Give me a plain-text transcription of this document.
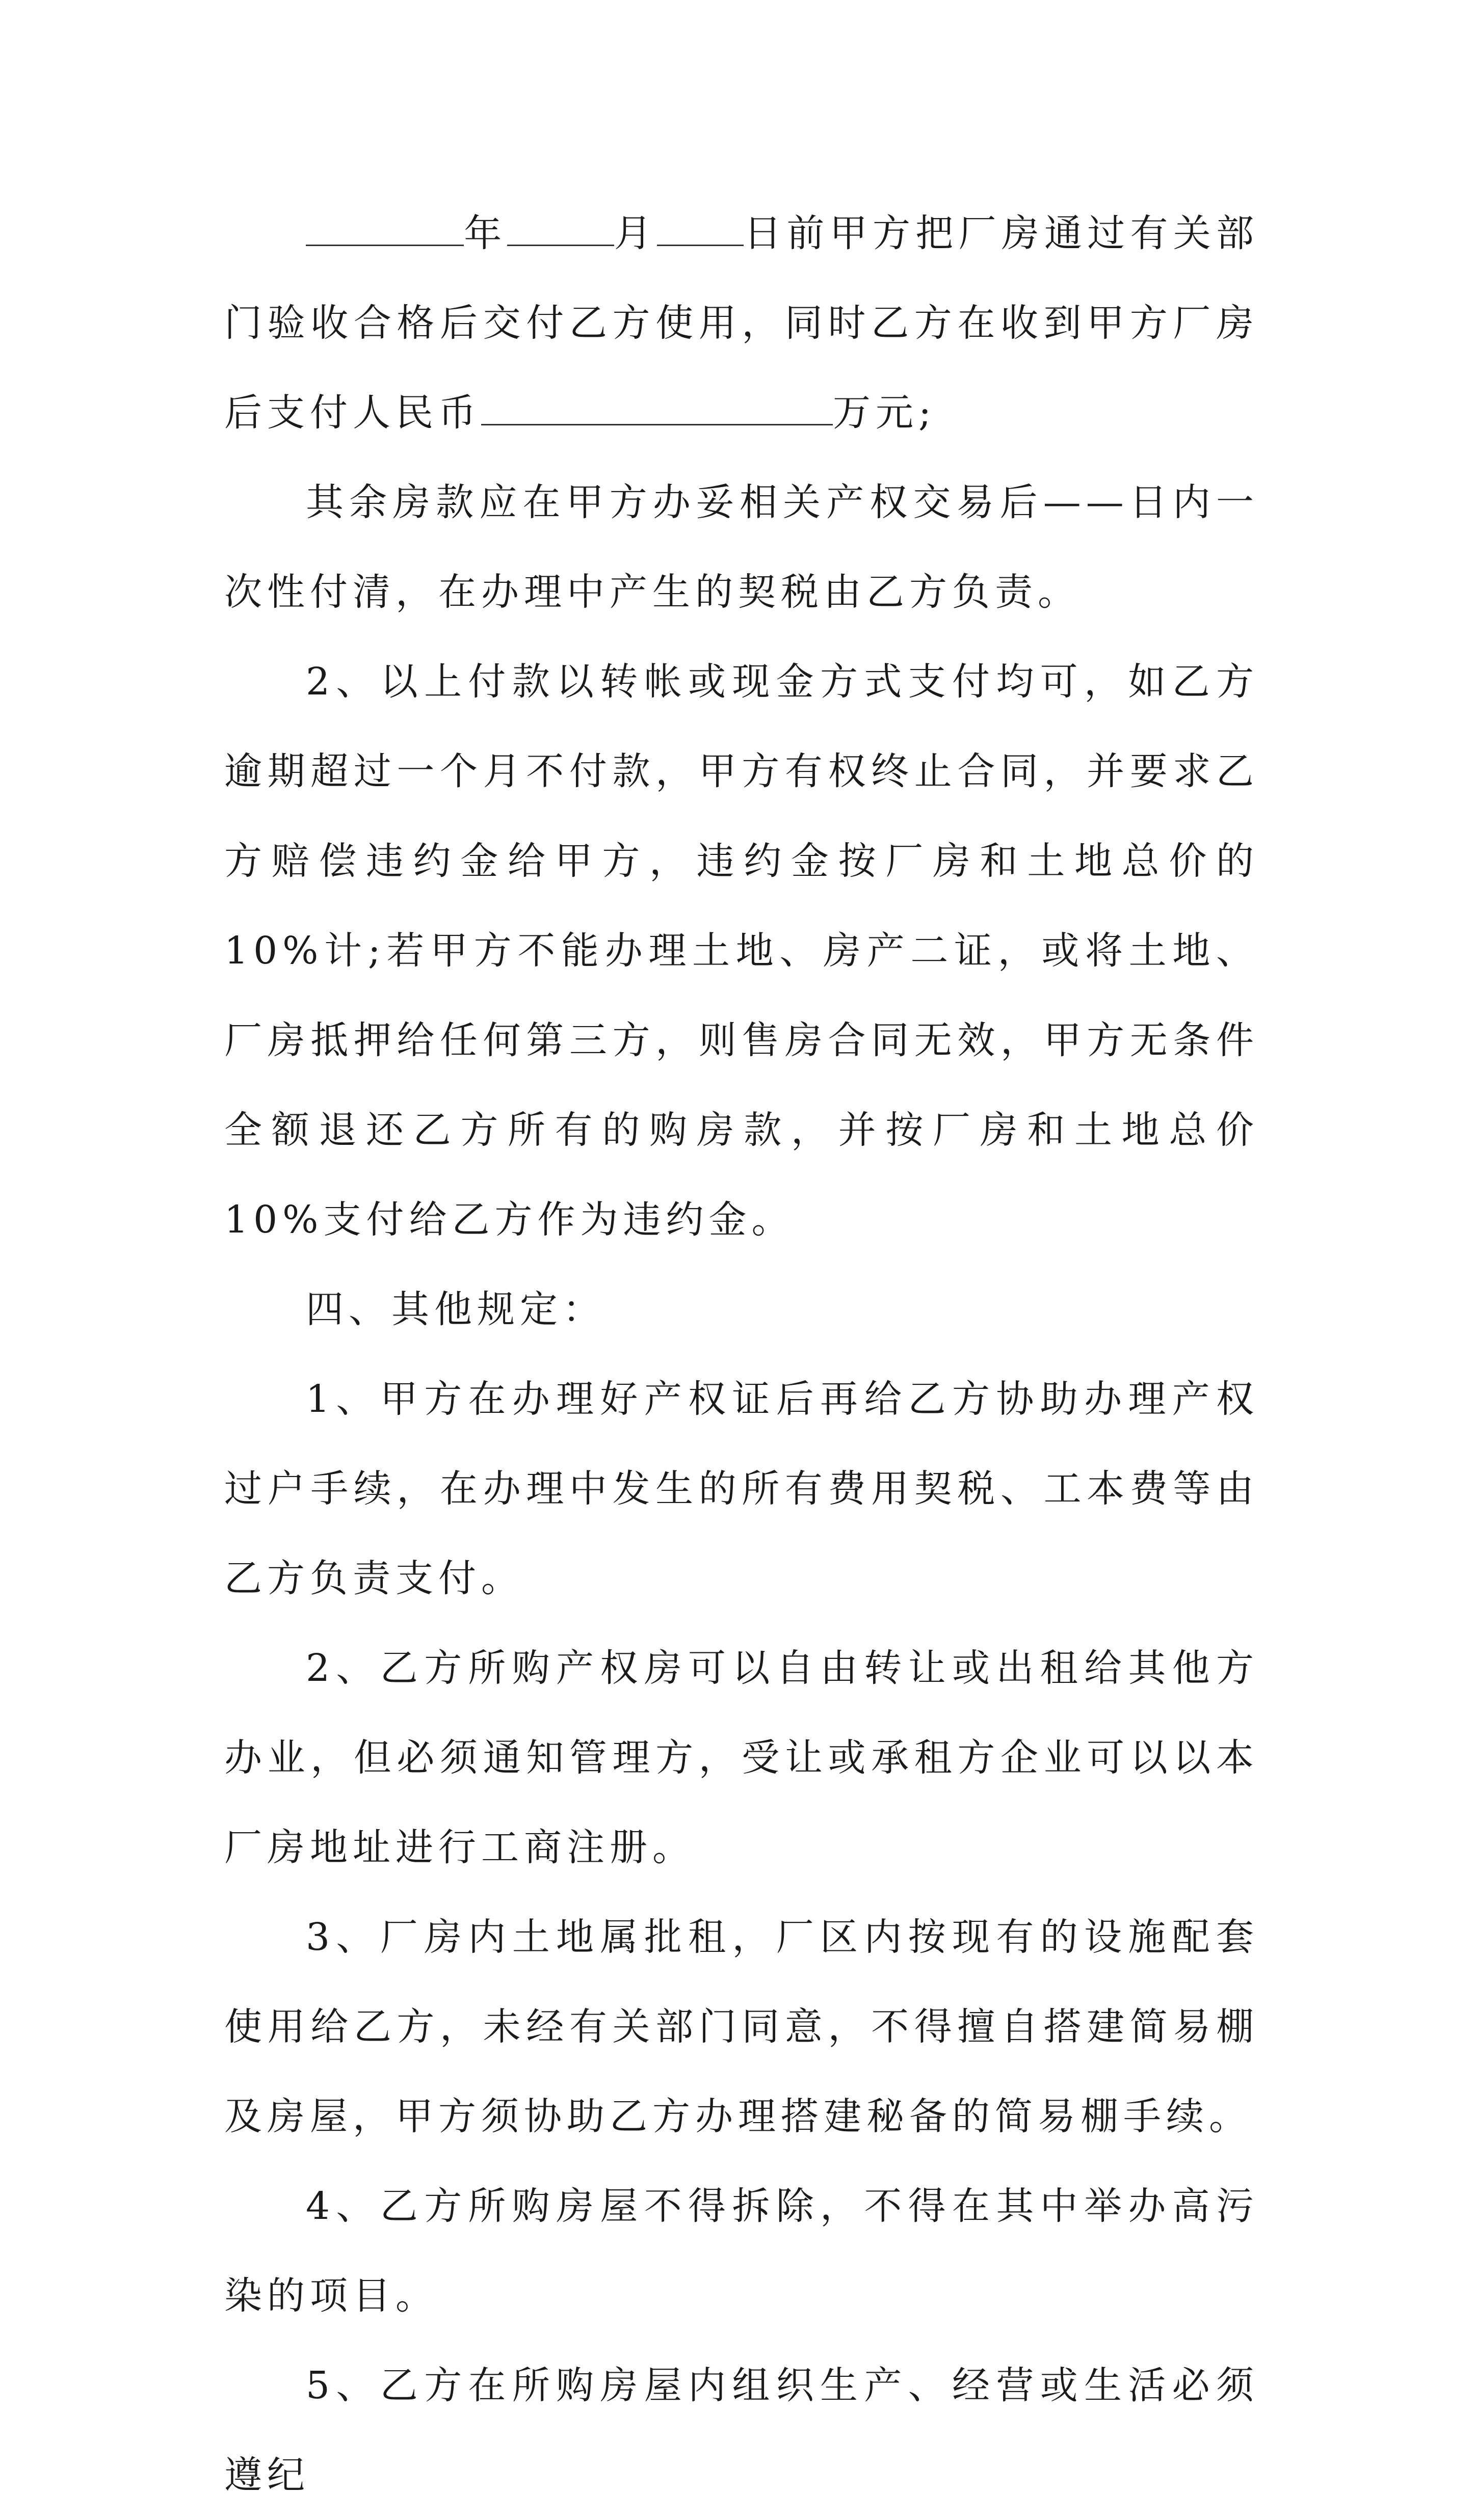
年	月 日前甲方把厂房通过有关部门验收合格后交付乙方使用，同时乙方在收到甲方厂房后支付人民币	万元;

其余房款应在甲方办妥相关产权交易后——日内一次性付清，在办理中产生的契税由乙方负责。

2、以上付款以转帐或现金方式支付均可，如乙方逾期超过一个月不付款，甲方有权终止合同，并要求乙方赔偿违约金给甲方，违约金按厂房和土地总价的10%计;若甲方不能办理土地、房产二证，或将土地、厂房抵押给任何第三方，则售房合同无效，甲方无条件全额退还乙方所有的购房款，并按厂房和土地总价10%支付给乙方作为违约金。

四、其他规定：

1、甲方在办理好产权证后再给乙方协助办理产权过户手续，在办理中发生的所有费用契税、工本费等由乙方负责支付。

2、乙方所购产权房可以自由转让或出租给其他方办业，但必须通知管理方，受让或承租方企业可以以本厂房地址进行工商注册。

3、厂房内土地属批租，厂区内按现有的设施配套使用给乙方，未经有关部门同意，不得擅自搭建简易棚及房屋，甲方须协助乙方办理搭建秘备的简易棚手续。

4、乙方所购房屋不得拆除，不得在其中举办高污染的项目。

5、乙方在所购房屋内组织生产、经营或生活必须遵纪
